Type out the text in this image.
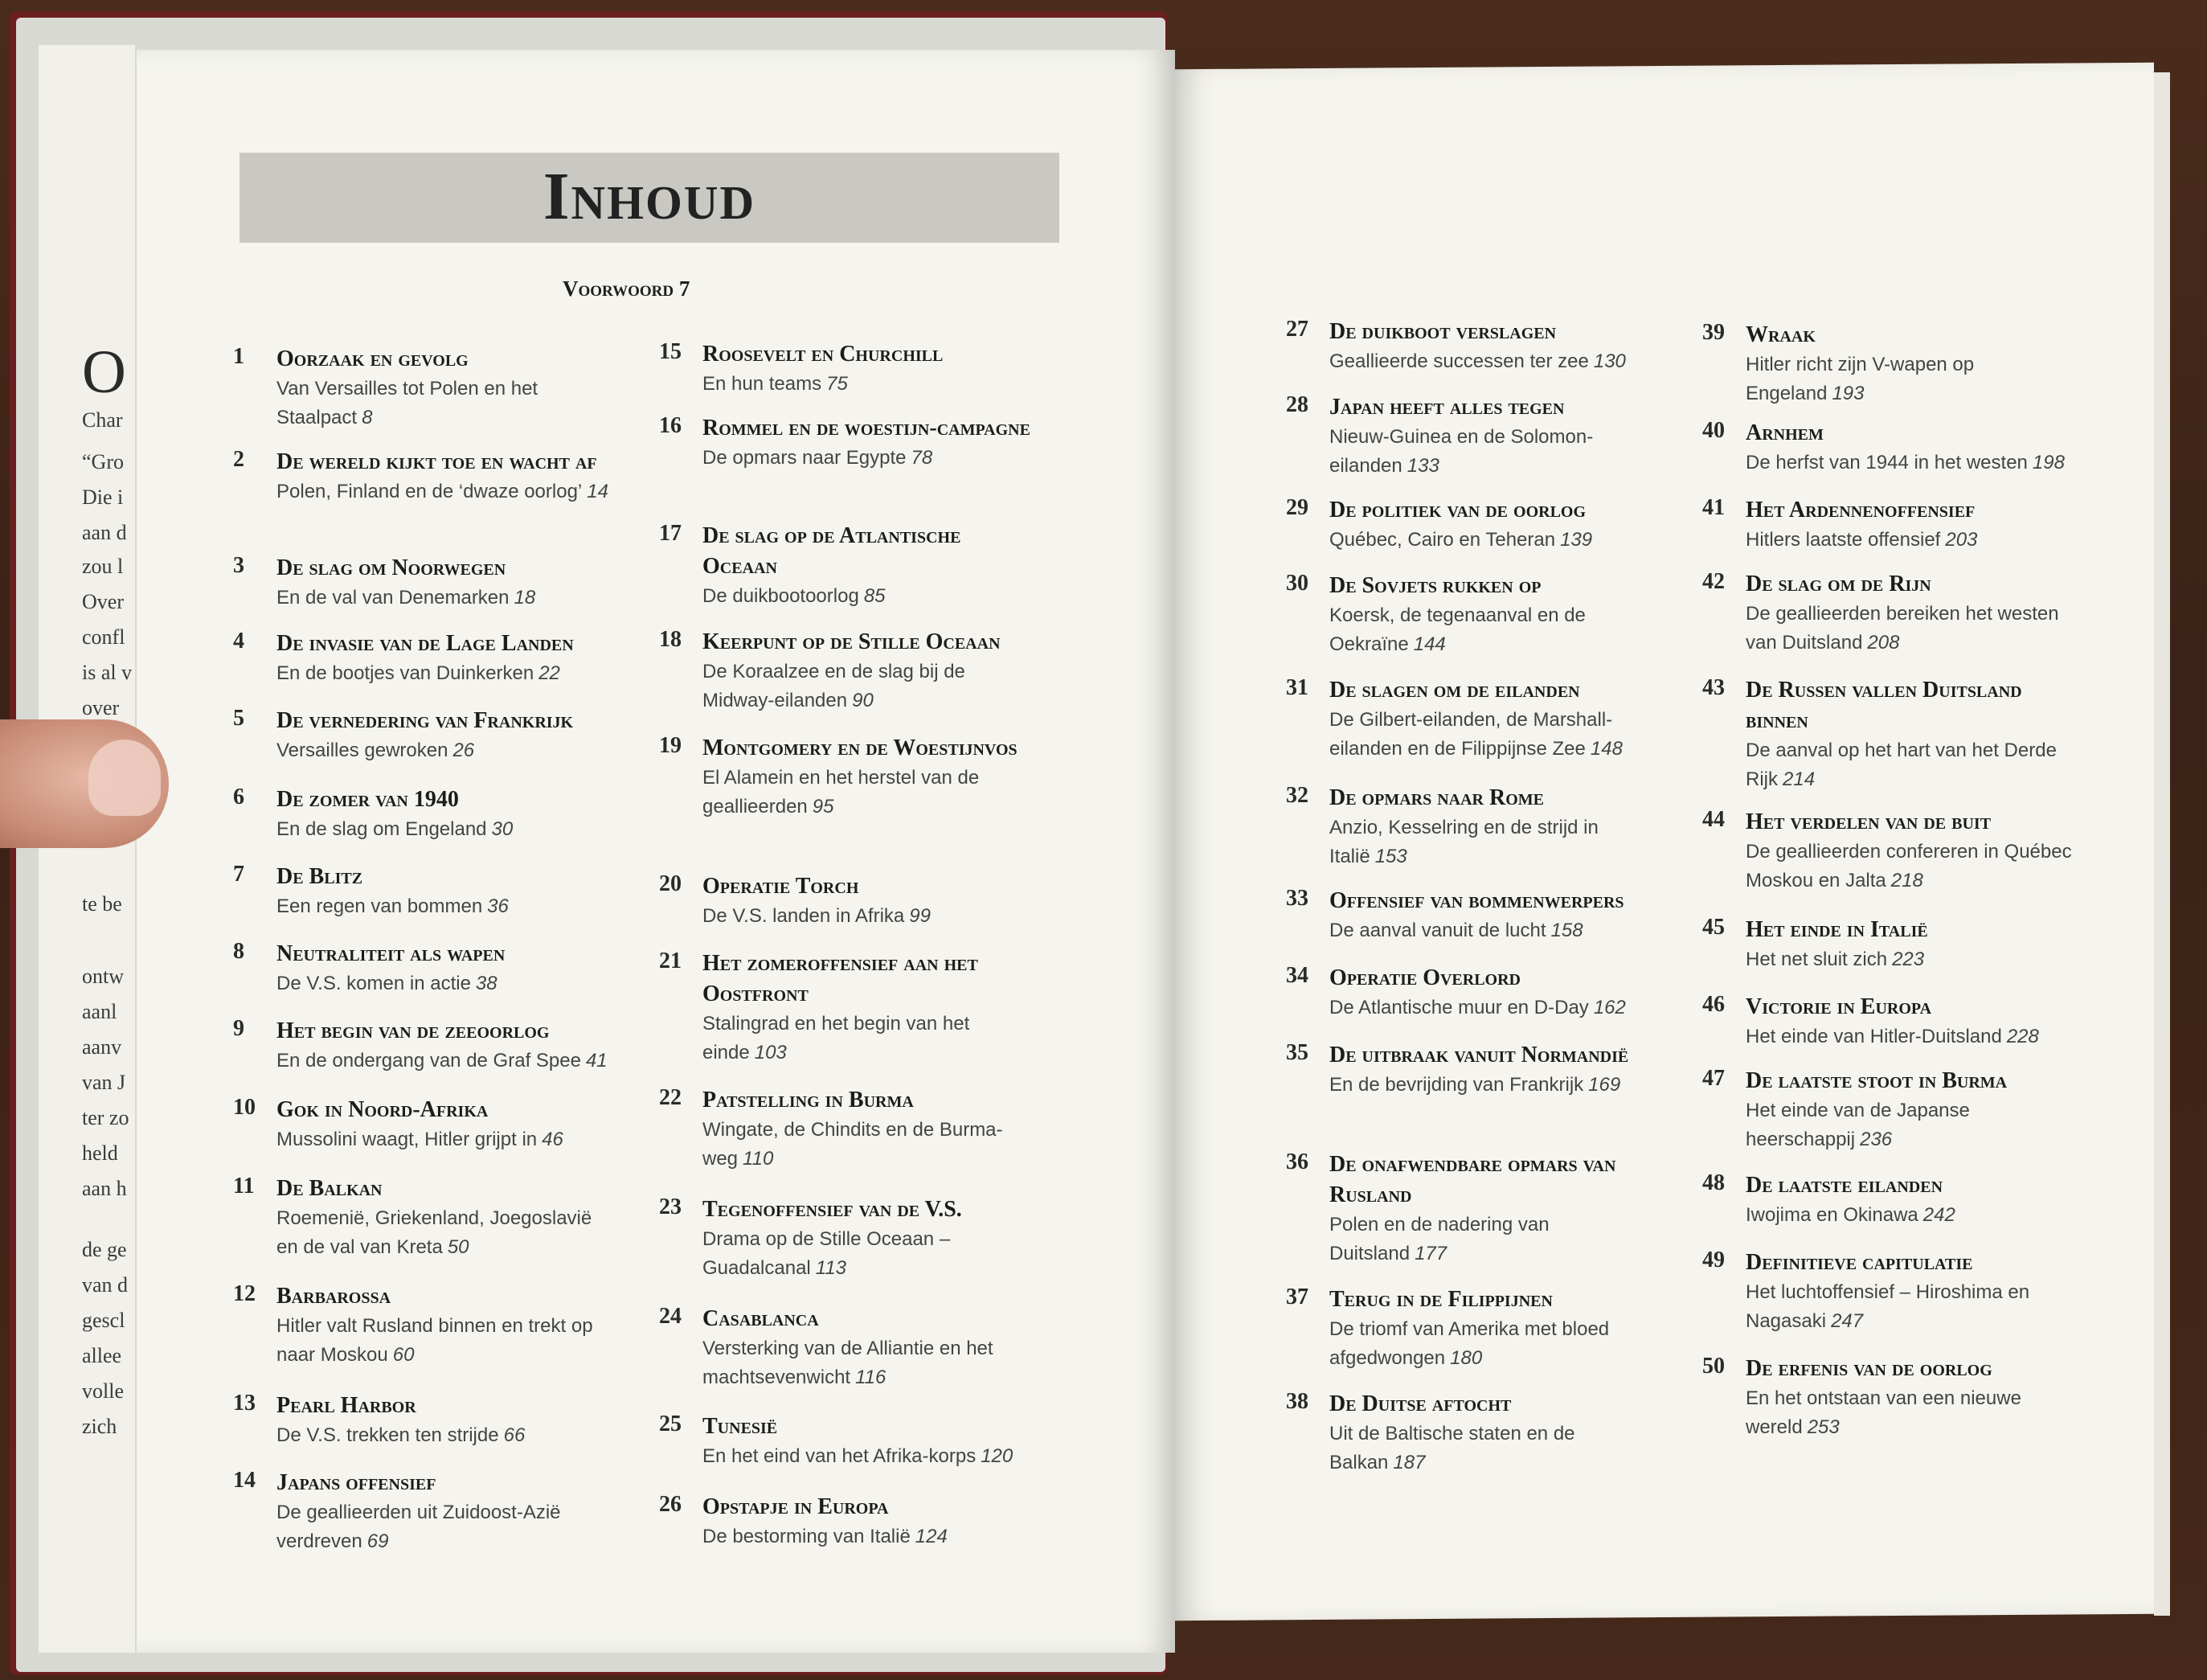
O
Char
“Gro
Die i
aan d
zou l
Over
confl
is al v
over
te be
ontw
aanl
aanv
van J
ter zo
held
aan h
de ge
van d
gescl
allee
volle
zich
Inhoud
Voorwoord 7
1	Oorzaak en gevolg
Van Versailles tot Polen en het Staalpact 8
2	De wereld kijkt toe en wacht af
Polen, Finland en de ‘dwaze oorlog’ 14
3	De slag om Noorwegen
En de val van Denemarken 18
4	De invasie van de Lage Landen
En de bootjes van Duinkerken 22
5	De vernedering van Frankrijk
Versailles gewroken 26
6	De zomer van 1940
En de slag om Engeland 30
7	De Blitz
Een regen van bommen 36
8	Neutraliteit als wapen
De V.S. komen in actie 38
9	Het begin van de zeeoorlog
En de ondergang van de Graf Spee 41
10 Gok in Noord-Afrika
Mussolini waagt, Hitler grijpt in 46
11 De Balkan
Roemenië, Griekenland, Joegoslavië en de val van Kreta 50
12 Barbarossa
Hitler valt Rusland binnen en trekt op naar Moskou 60
13 Pearl Harbor
De V.S. trekken ten strijde 66
14 Japans offensief
De geallieerden uit Zuidoost-Azië verdreven 69
15 Roosevelt en Churchill
En hun teams 75
16 Rommel en de woestijn-campagne
De opmars naar Egypte 78
17 De slag op de Atlantische Oceaan
De duikbootoorlog 85
18 Keerpunt op de Stille Oceaan
De Koraalzee en de slag bij de Midway-eilanden 90
19 Montgomery en de Woestijnvos
El Alamein en het herstel van de geallieerden 95
20 Operatie Torch
De V.S. landen in Afrika 99
21 Het zomeroffensief aan het Oostfront
Stalingrad en het begin van het einde 103
22 Patstelling in Burma
Wingate, de Chindits en de Burma-weg 110
23 Tegenoffensief van de V.S.
Drama op de Stille Oceaan – Guadalcanal 113
24 Casablanca
Versterking van de Alliantie en het machtsevenwicht 116
25 Tunesië
En het eind van het Afrika-korps 120
26 Opstapje in Europa
De bestorming van Italië 124
27 De duikboot verslagen
Geallieerde successen ter zee 130
28 Japan heeft alles tegen
Nieuw-Guinea en de Solomon-eilanden 133
29 De politiek van de oorlog
Québec, Cairo en Teheran 139
30 De Sovjets rukken op
Koersk, de tegenaanval en de Oekraïne 144
31 De slagen om de eilanden
De Gilbert-eilanden, de Marshall-eilanden en de Filippijnse Zee 148
32 De opmars naar Rome
Anzio, Kesselring en de strijd in Italië 153
33 Offensief van bommenwerpers
De aanval vanuit de lucht 158
34 Operatie Overlord
De Atlantische muur en D-Day 162
35 De uitbraak vanuit Normandië
En de bevrijding van Frankrijk 169
36 De onafwendbare opmars van Rusland
Polen en de nadering van Duitsland 177
37 Terug in de Filippijnen
De triomf van Amerika met bloed afgedwongen 180
38 De Duitse aftocht
Uit de Baltische staten en de Balkan 187
39 Wraak
Hitler richt zijn V-wapen op Engeland 193
40 Arnhem
De herfst van 1944 in het westen 198
41 Het Ardennenoffensief
Hitlers laatste offensief 203
42 De slag om de Rijn
De geallieerden bereiken het westen van Duitsland 208
43 De Russen vallen Duitsland binnen
De aanval op het hart van het Derde Rijk 214
44 Het verdelen van de buit
De geallieerden confereren in Québec Moskou en Jalta 218
45 Het einde in Italië
Het net sluit zich 223
46 Victorie in Europa
Het einde van Hitler-Duitsland 228
47 De laatste stoot in Burma
Het einde van de Japanse heerschappij 236
48 De laatste eilanden
Iwojima en Okinawa 242
49 Definitieve capitulatie
Het luchtoffensief – Hiroshima en Nagasaki 247
50 De erfenis van de oorlog
En het ontstaan van een nieuwe wereld 253
